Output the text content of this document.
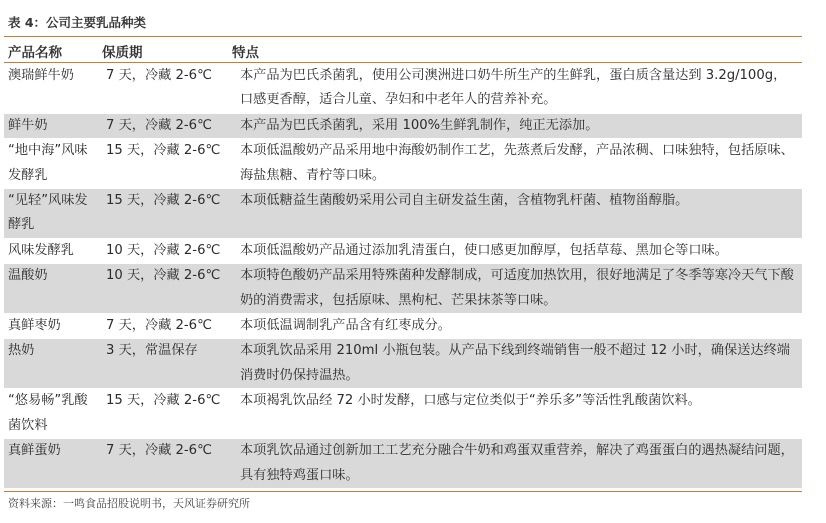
表 4：公司主要乳品种类
产品名称	保质期	特点
澳瑞鲜牛奶	7 天，冷藏 2-6℃	本产品为巴氏杀菌乳，使用公司澳洲进口奶牛所生产的生鲜乳，蛋白质含量达到 3.2g/100g，口感更香醇，适合儿童、孕妇和中老年人的营养补充。
鲜牛奶	7 天，冷藏 2-6℃	本产品为巴氏杀菌乳，采用 100%生鲜乳制作，纯正无添加。
“地中海”风味发酵乳	15 天，冷藏 2-6℃	本项低温酸奶产品采用地中海酸奶制作工艺，先蒸煮后发酵，产品浓稠、口味独特，包括原味、海盐焦糖、青柠等口味。
“见轻”风味发酵乳	15 天，冷藏 2-6℃	本项低糖益生菌酸奶采用公司自主研发益生菌，含植物乳杆菌、植物甾醇脂。
风味发酵乳	10 天，冷藏 2-6℃	本项低温酸奶产品通过添加乳清蛋白，使口感更加醇厚，包括草莓、黑加仑等口味。
温酸奶	10 天，冷藏 2-6℃	本项特色酸奶产品采用特殊菌种发酵制成，可适度加热饮用，很好地满足了冬季等寒冷天气下酸奶的消费需求，包括原味、黑枸杞、芒果抹茶等口味。
真鲜枣奶	7 天，冷藏 2-6℃	本项低温调制乳产品含有红枣成分。
热奶	3 天，常温保存	本项乳饮品采用 210ml 小瓶包装。从产品下线到终端销售一般不超过 12 小时，确保送达终端消费时仍保持温热。
“悠易畅”乳酸菌饮料	15 天，冷藏 2-6℃	本项褐乳饮品经 72 小时发酵，口感与定位类似于“养乐多”等活性乳酸菌饮料。
真鲜蛋奶	7 天，冷藏 2-6℃	本项乳饮品通过创新加工工艺充分融合牛奶和鸡蛋双重营养，解决了鸡蛋蛋白的遇热凝结问题，具有独特鸡蛋口味。
资料来源：一鸣食品招股说明书，天风证券研究所
